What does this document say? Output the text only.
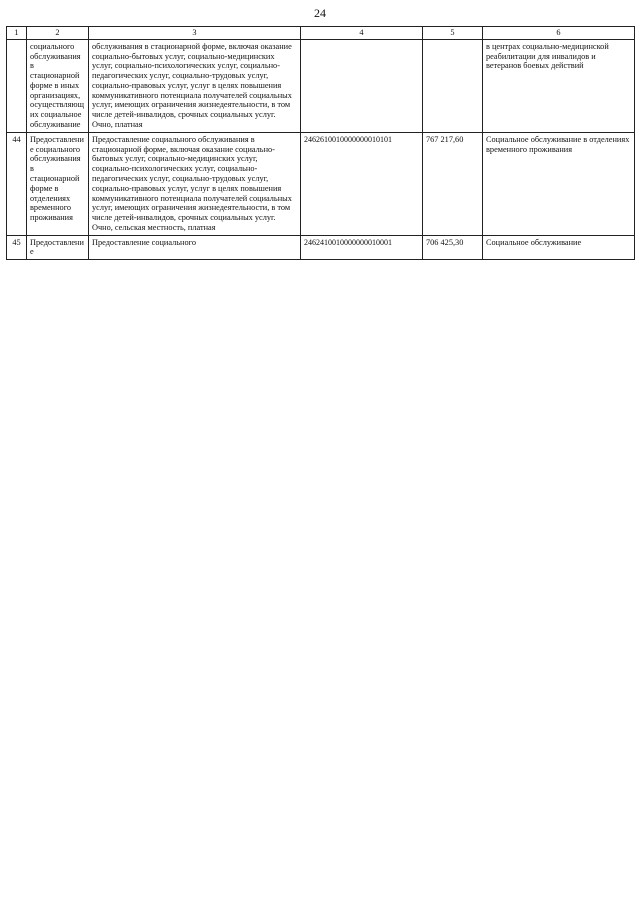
24
1	2	3	4	5	6
	социального обслуживания в стационарной форме в иных организациях, осуществляющих социальное обслуживание	обслуживания в стационарной форме, включая оказание социально-бытовых услуг, социально-медицинских услуг, социально-психологических услуг, социально-педагогических услуг, социально-трудовых услуг, социально-правовых услуг, услуг в целях повышения коммуникативного потенциала получателей социальных услуг, имеющих ограничения жизнедеятельности, в том числе детей-инвалидов, срочных социальных услуг. Очно, платная			в центрах социально-медицинской реабилитации для инвалидов и ветеранов боевых действий
44	Предоставление социального обслуживания в стационарной форме в отделениях временного проживания	Предоставление социального обслуживания в стационарной форме, включая оказание социально-бытовых услуг, социально-медицинских услуг, социально-психологических услуг, социально-педагогических услуг, социально-трудовых услуг, социально-правовых услуг, услуг в целях повышения коммуникативного потенциала получателей социальных услуг, имеющих ограничения жизнедеятельности, в том числе детей-инвалидов, срочных социальных услуг. Очно, сельская местность, платная	2462610010000000010101	767 217,60	Социальное обслуживание в отделениях временного проживания
45	Предоставление	Предоставление социального	2462410010000000010001	706 425,30	Социальное обслуживание
